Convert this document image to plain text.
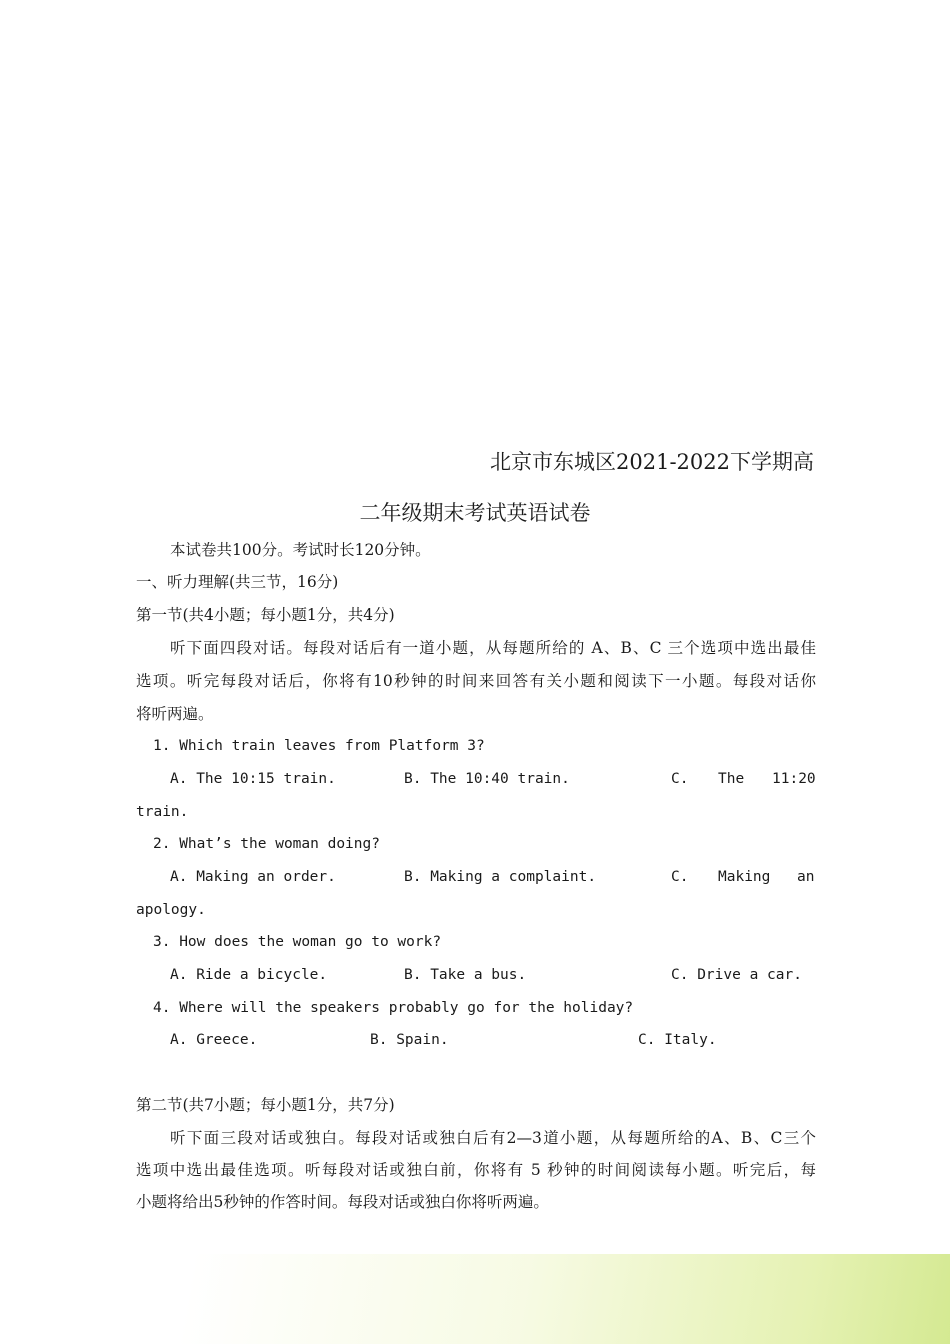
北京市东城区2021-2022下学期高
二年级期末考试英语试卷
本试卷共100分。考试时长120分钟。
一、听力理解(共三节，16分)
第一节(共4小题；每小题1分，共4分)
听下面四段对话。每段对话后有一道小题，从每题所给的 A、B、C 三个选项中选出最佳
选项。听完每段对话后，你将有10秒钟的时间来回答有关小题和阅读下一小题。每段对话你
将听两遍。
1. Which train leaves from Platform 3?
A. The 10:15 train.	B. The 10:40 train.	C. The 11:20
train.
2. What’s the woman doing?
A. Making an order.	B. Making a complaint.	C. Making an
apology.
3. How does the woman go to work?
A. Ride a bicycle.	B. Take a bus.	C. Drive a car.
4. Where will the speakers probably go for the holiday?
A. Greece.	B. Spain.	C. Italy.
第二节(共7小题；每小题1分，共7分)
听下面三段对话或独白。每段对话或独白后有2—3道小题，从每题所给的A、B、C三个
选项中选出最佳选项。听每段对话或独白前，你将有 5 秒钟的时间阅读每小题。听完后，每
小题将给出5秒钟的作答时间。每段对话或独白你将听两遍。
